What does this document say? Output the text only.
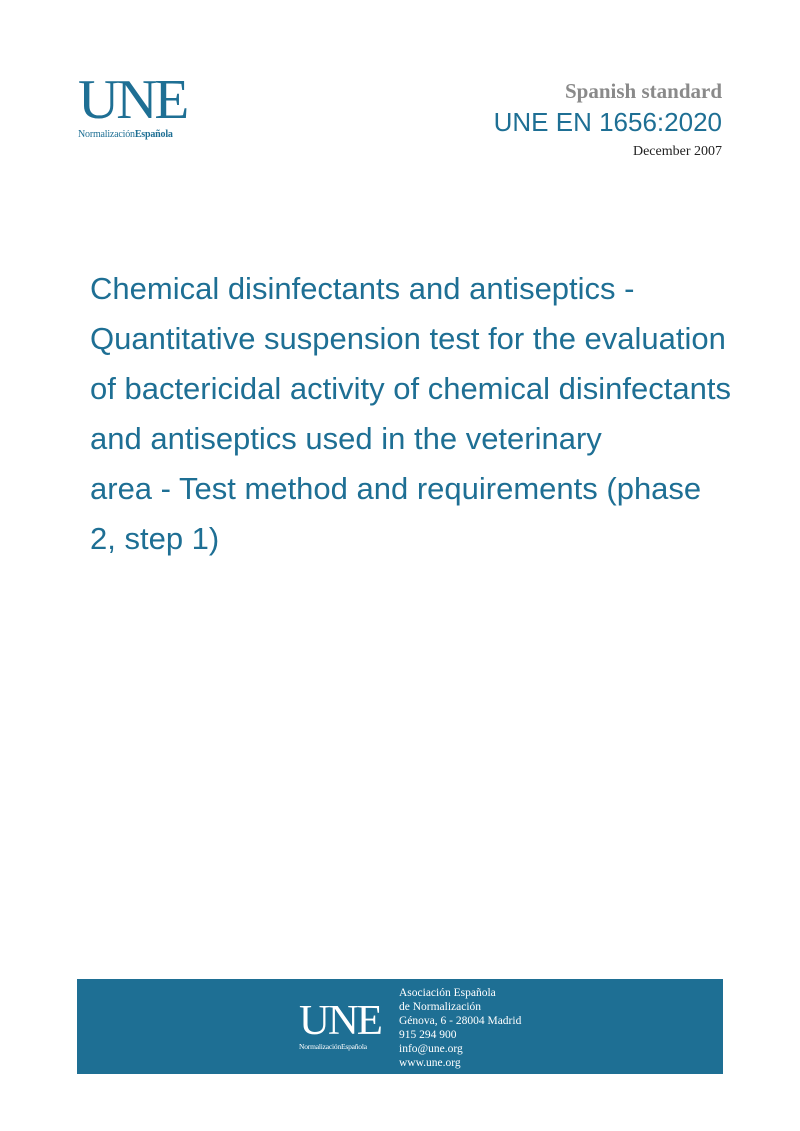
UNE
NormalizaciónEspañola
Spanish standard
UNE EN 1656:2020
December 2007
Chemical disinfectants and antiseptics -
Quantitative suspension test for the evaluation
of bactericidal activity of chemical disinfectants
and antiseptics used in the veterinary
area - Test method and requirements (phase
2, step 1)
UNE
NormalizaciónEspañola
Asociación Española
de Normalización
Génova, 6 - 28004 Madrid
915 294 900
info@une.org
www.une.org
